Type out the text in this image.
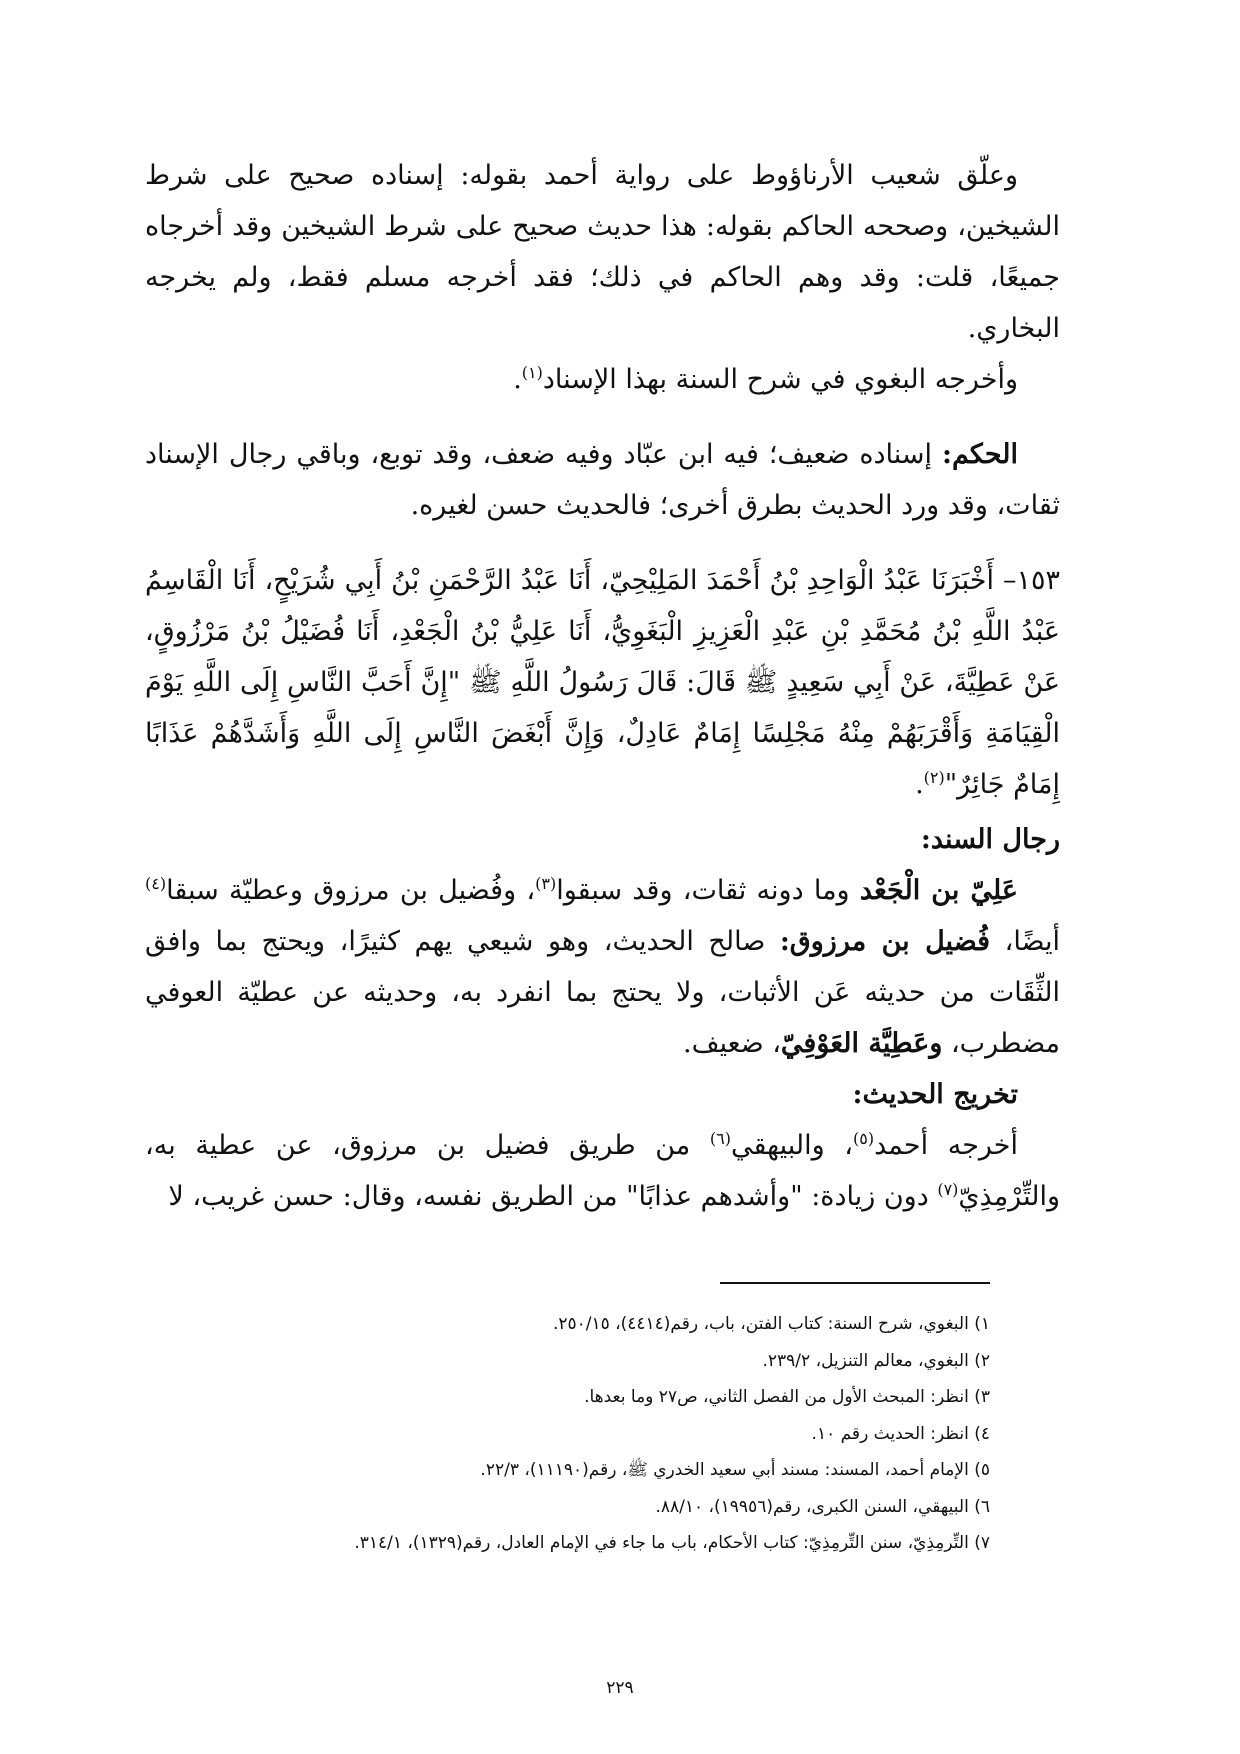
وعلّق شعيب الأرناؤوط على رواية أحمد بقوله: إسناده صحيح على شرط الشيخين، وصححه الحاكم بقوله: هذا حديث صحيح على شرط الشيخين وقد أخرجاه جميعًا، قلت: وقد وهم الحاكم في ذلك؛ فقد أخرجه مسلم فقط، ولم يخرجه البخاري.

وأخرجه البغوي في شرح السنة بهذا الإسناد$^{(١)}$.

الحكم: إسناده ضعيف؛ فيه ابن عبّاد وفيه ضعف، وقد توبع، وباقي رجال الإسناد ثقات، وقد ورد الحديث بطرق أخرى؛ فالحديث حسن لغيره.

١٥٣– أَخْبَرَنَا عَبْدُ الْوَاحِدِ بْنُ أَحْمَدَ المَلِيْحِيّ، أَنَا عَبْدُ الرَّحْمَنِ بْنُ أَبِي شُرَيْحٍ، أَنَا الْقَاسِمُ عَبْدُ اللَّهِ بْنُ مُحَمَّدِ بْنِ عَبْدِ الْعَزِيزِ الْبَغَوِيُّ، أَنَا عَلِيُّ بْنُ الْجَعْدِ، أَنَا فُضَيْلُ بْنُ مَرْزُوقٍ، عَنْ عَطِيَّةَ، عَنْ أَبِي سَعِيدٍ ﷺ قَالَ: قَالَ رَسُولُ اللَّهِ ﷺ "إِنَّ أَحَبَّ النَّاسِ إِلَى اللَّهِ يَوْمَ الْقِيَامَةِ وَأَقْرَبَهُمْ مِنْهُ مَجْلِسًا إِمَامٌ عَادِلٌ، وَإِنَّ أَبْغَضَ النَّاسِ إِلَى اللَّهِ وَأَشَدَّهُمْ عَذَابًا إِمَامٌ جَائِرٌ"$^{(٢)}$.

رجال السند:

عَلِيّ بن الْجَعْد وما دونه ثقات، وقد سبقوا$^{(٣)}$، وفُضيل بن مرزوق وعطيّة سبقا$^{(٤)}$ أيضًا، فُضيل بن مرزوق: صالح الحديث، وهو شيعي يهم كثيرًا، ويحتج بما وافق الثِّقَات من حديثه عَن الأثبات، ولا يحتج بما انفرد به، وحديثه عن عطيّة العوفي مضطرب، وعَطِيَّة العَوْفِيّ، ضعيف.

تخريج الحديث:

أخرجه أحمد$^{(٥)}$، والبيهقي$^{(٦)}$ من طريق فضيل بن مرزوق، عن عطية به، والتِّرْمِذِيّ$^{(٧)}$ دون زيادة: "وأشدهم عذابًا" من الطريق نفسه، وقال: حسن غريب، لا

١) البغوي، شرح السنة: كتاب الفتن، باب، رقم(٤٤١٤)، ٢٥٠/١٥.
٢) البغوي، معالم التنزيل، ٢٣٩/٢.
٣) انظر: المبحث الأول من الفصل الثاني، ص٢٧ وما بعدها.
٤) انظر: الحديث رقم ١٠.
٥) الإمام أحمد، المسند: مسند أبي سعيد الخدري ﷺ، رقم(١١١٩٠)، ٢٢/٣.
٦) البيهقي، السنن الكبرى، رقم(١٩٩٥٦)، ٨٨/١٠.
٧) التِّرمِذِيّ، سنن التِّرمِذِيّ: كتاب الأحكام، باب ما جاء في الإمام العادل، رقم(١٣٢٩)، ٣١٤/١.
٢٢٩
